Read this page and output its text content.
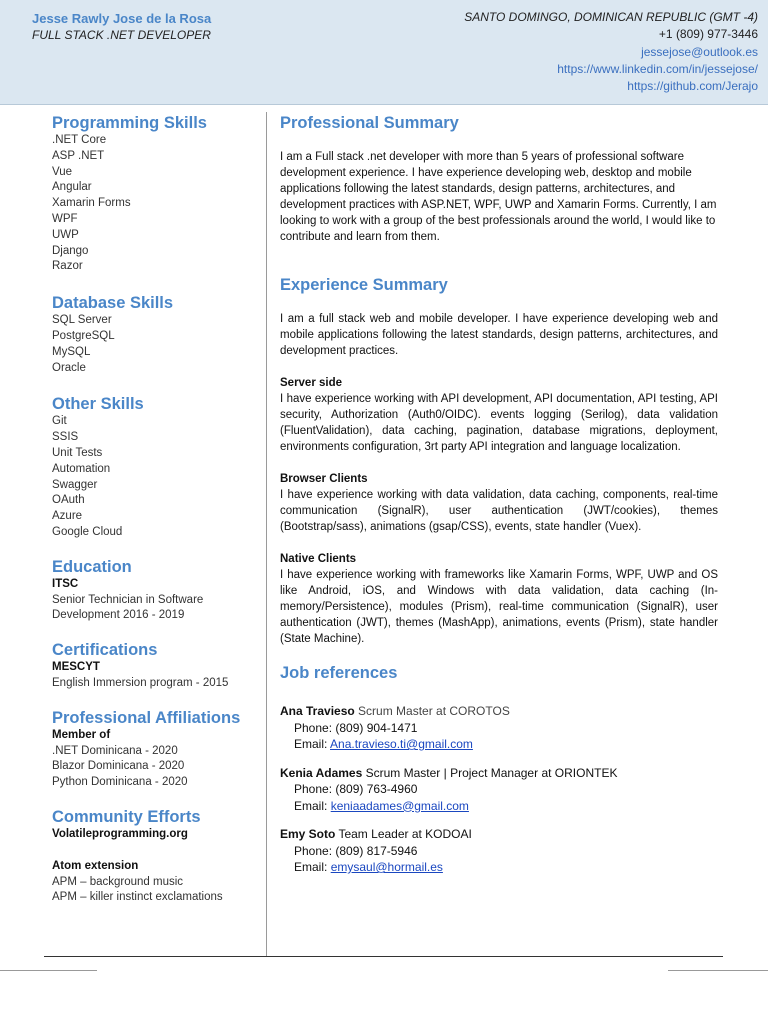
Jesse Rawly Jose de la Rosa
FULL STACK .NET DEVELOPER
SANTO DOMINGO, DOMINICAN REPUBLIC (GMT -4)
+1 (809) 977-3446
jessejose@outlook.es
https://www.linkedin.com/in/jessejose/
https://github.com/Jerajo
Programming Skills
.NET Core
ASP .NET
Vue
Angular
Xamarin Forms
WPF
UWP
Django
Razor
Database Skills
SQL Server
PostgreSQL
MySQL
Oracle
Other Skills
Git
SSIS
Unit Tests
Automation
Swagger
OAuth
Azure
Google Cloud
Education
ITSC
Senior Technician in Software Development 2016 - 2019
Certifications
MESCYT
English Immersion program - 2015
Professional Affiliations
Member of
.NET Dominicana - 2020
Blazor Dominicana - 2020
Python Dominicana - 2020
Community Efforts
Volatileprogramming.org
Atom extension
APM – background music
APM – killer instinct exclamations
Professional Summary
I am a Full stack .net developer with more than 5 years of professional software development experience. I have experience developing web, desktop and mobile applications following the latest standards, design patterns, architectures, and development practices with ASP.NET, WPF, UWP and Xamarin Forms. Currently, I am looking to work with a group of the best professionals around the world, I would like to contribute and learn from them.
Experience Summary
I am a full stack web and mobile developer. I have experience developing web and mobile applications following the latest standards, design patterns, architectures, and development practices.
Server side
I have experience working with API development, API documentation, API testing, API security, Authorization (Auth0/OIDC). events logging (Serilog), data validation (FluentValidation), data caching, pagination, database migrations, deployment, environments configuration, 3rt party API integration and language localization.
Browser Clients
I have experience working with data validation, data caching, components, real-time communication (SignalR), user authentication (JWT/cookies), themes (Bootstrap/sass), animations (gsap/CSS), events, state handler (Vuex).
Native Clients
I have experience working with frameworks like Xamarin Forms, WPF, UWP and OS like Android, iOS, and Windows with data validation, data caching (In-memory/Persistence), modules (Prism), real-time communication (SignalR), user authentication (JWT), themes (MashApp), animations, events (Prism), state handler (State Machine).
Job references
Ana Travieso Scrum Master at COROTOS
Phone: (809) 904-1471
Email: Ana.travieso.ti@gmail.com
Kenia Adames Scrum Master | Project Manager at ORIONTEK
Phone: (809) 763-4960
Email: keniaadames@gmail.com
Emy Soto Team Leader at KODOAI
Phone: (809) 817-5946
Email: emysaul@hormail.es
